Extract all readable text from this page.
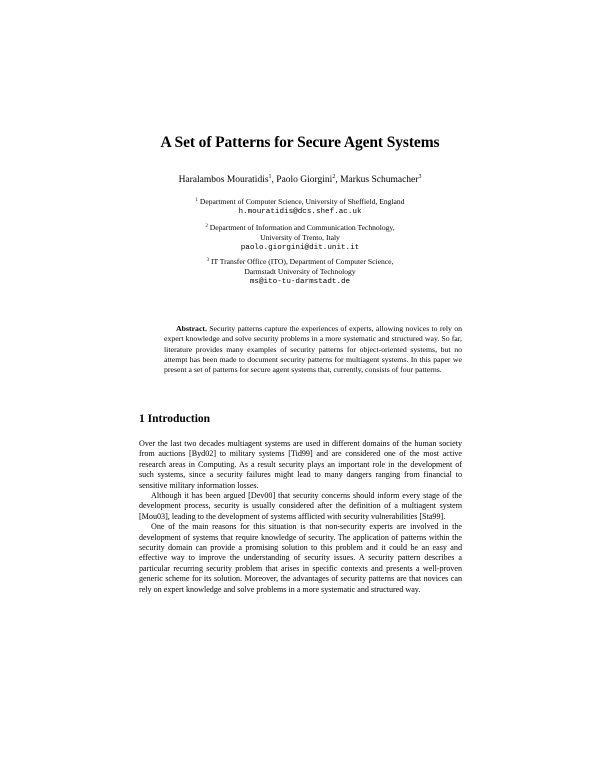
A Set of Patterns for Secure Agent Systems
Haralambos Mouratidis$^1$, Paolo Giorgini$^2$, Markus Schumacher$^3$
$^1$ Department of Computer Science, University of Sheffield, England
h.mouratidis@dcs.shef.ac.uk
$^2$ Department of Information and Communication Technology,
University of Trento, Italy
paolo.giorgini@dit.unit.it
$^3$ IT Transfer Office (ITO), Department of Computer Science,
Darmstadt University of Technology
ms@ito-tu-darmstadt.de
Abstract. Security patterns capture the experiences of experts, allowing novices to rely on expert knowledge and solve security problems in a more systematic and structured way. So far, literature provides many examples of security patterns for object-oriented systems, but no attempt has been made to document security patterns for multiagent systems. In this paper we present a set of patterns for secure agent systems that, currently, consists of four patterns.
1 Introduction

Over the last two decades multiagent systems are used in different domains of the human society from auctions [Byd02] to military systems [Tid99] and are considered one of the most active research areas in Computing. As a result security plays an important role in the development of such systems, since a security failures might lead to many dangers ranging from financial to sensitive military information losses.

Although it has been argued [Dev00] that security concerns should inform every stage of the development process, security is usually considered after the definition of a multiagent system [Mou03], leading to the development of systems afflicted with security vulnerabilities [Sta99].

One of the main reasons for this situation is that non-security experts are involved in the development of systems that require knowledge of security. The application of patterns within the security domain can provide a promising solution to this problem and it could be an easy and effective way to improve the understanding of security issues. A security pattern describes a particular recurring security problem that arises in specific contexts and presents a well-proven generic scheme for its solution. Moreover, the advantages of security patterns are that novices can rely on expert knowledge and solve problems in a more systematic and structured way.
